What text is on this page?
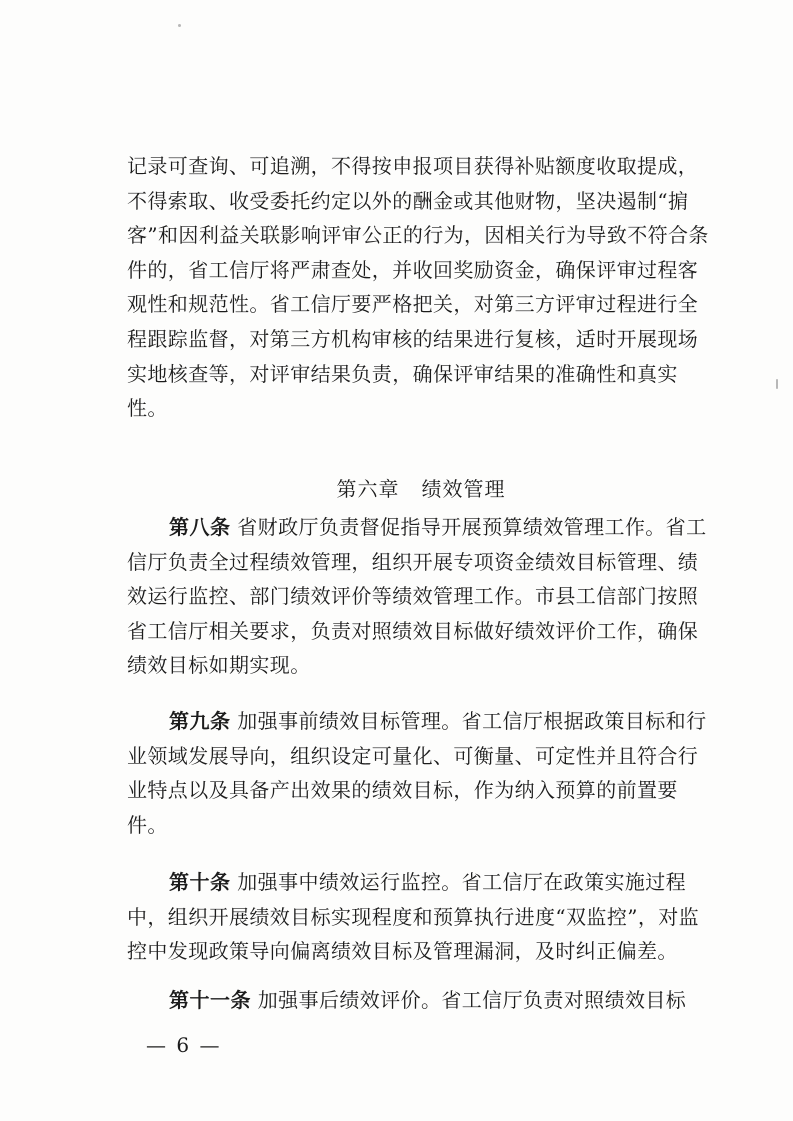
记录可查询、可追溯，不得按申报项目获得补贴额度收取提成，不得索取、收受委托约定以外的酬金或其他财物，坚决遏制“掮客”和因利益关联影响评审公正的行为，因相关行为导致不符合条件的，省工信厅将严肃查处，并收回奖励资金，确保评审过程客观性和规范性。省工信厅要严格把关，对第三方评审过程进行全程跟踪监督，对第三方机构审核的结果进行复核，适时开展现场实地核查等，对评审结果负责，确保评审结果的准确性和真实性。

第六章 绩效管理

第八条 省财政厅负责督促指导开展预算绩效管理工作。省工信厅负责全过程绩效管理，组织开展专项资金绩效目标管理、绩效运行监控、部门绩效评价等绩效管理工作。市县工信部门按照省工信厅相关要求，负责对照绩效目标做好绩效评价工作，确保绩效目标如期实现。

第九条 加强事前绩效目标管理。省工信厅根据政策目标和行业领域发展导向，组织设定可量化、可衡量、可定性并且符合行业特点以及具备产出效果的绩效目标，作为纳入预算的前置要件。

第十条 加强事中绩效运行监控。省工信厅在政策实施过程中，组织开展绩效目标实现程度和预算执行进度“双监控”，对监控中发现政策导向偏离绩效目标及管理漏洞，及时纠正偏差。

第十一条 加强事后绩效评价。省工信厅负责对照绩效目标

— 6 —
